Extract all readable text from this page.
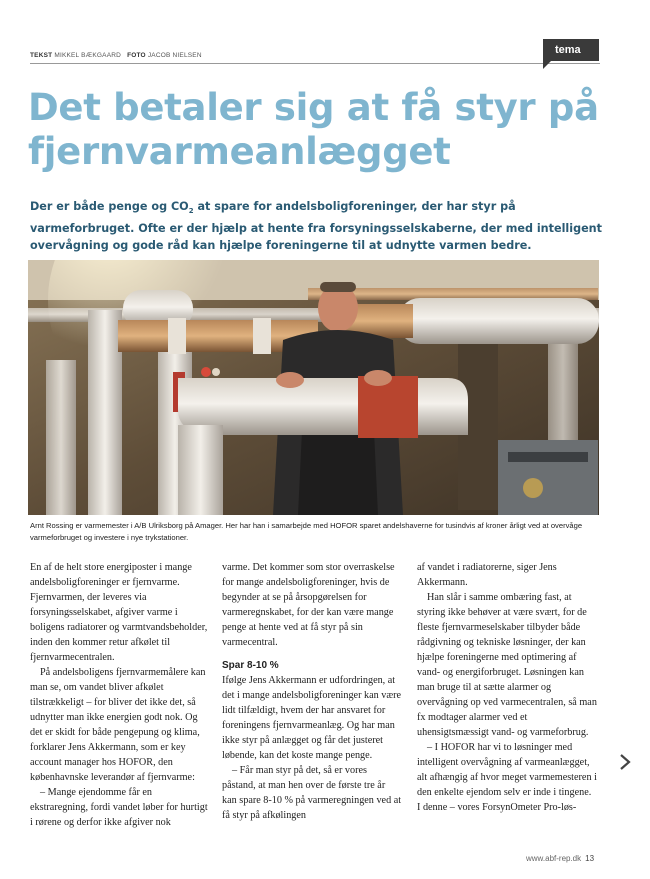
TEKST MIKKEL BÆKGAARD FOTO JACOB NIELSEN	tema
Det betaler sig at få styr på fjernvarmeanlægget
Der er både penge og $CO_2$ at spare for andelsboligforeninger, der har styr på varmeforbruget. Ofte er der hjælp at hente fra forsyningsselskaberne, der med intelligent overvågning og gode råd kan hjælpe foreningerne til at udnytte varmen bedre.
Arnt Rossing er varmemester i A/B Ulriksborg på Amager. Her har han i samarbejde med HOFOR sparet andelshaverne for tusindvis af kroner årligt ved at overvåge varmeforbruget og investere i nye trykstationer.

En af de helt store energiposter i mange andelsboligforeninger er fjernvarme. Fjernvarmen, der leveres via forsyningsselskabet, afgiver varme i boligens radiatorer og varmtvandsbeholder, inden den kommer retur afkølet til fjernvarmecentralen.

På andelsboligens fjernvarmemålere kan man se, om vandet bliver afkølet tilstrækkeligt – for bliver det ikke det, så udnytter man ikke energien godt nok. Og det er skidt for både pengepung og klima, forklarer Jens Akkermann, som er key account manager hos HOFOR, den københavnske leverandør af fjernvarme:

– Mange ejendomme får en ekstraregning, fordi vandet løber for hurtigt i rørene og derfor ikke afgiver nok

varme. Det kommer som stor overraskelse for mange andelsboligforeninger, hvis de begynder at se på årsopgørelsen for varmeregnskabet, for der kan være mange penge at hente ved at få styr på sin varmecentral.

Spar 8-10 %

Ifølge Jens Akkermann er udfordringen, at det i mange andelsboligforeninger kan være lidt tilfældigt, hvem der har ansvaret for foreningens fjernvarmeanlæg. Og har man ikke styr på anlægget og får det justeret løbende, kan det koste mange penge.

– Får man styr på det, så er vores påstand, at man hen over de første tre år kan spare 8-10 % på varmeregningen ved at få styr på afkølingen

af vandet i radiatorerne, siger Jens Akkermann.

Han slår i samme ombæring fast, at styring ikke behøver at være svært, for de fleste fjernvarmeselskaber tilbyder både rådgivning og tekniske løsninger, der kan hjælpe foreningerne med optimering af vand- og energiforbruget. Løsningen kan man bruge til at sætte alarmer og overvågning op ved varmecentralen, så man fx modtager alarmer ved et uhensigtsmæssigt vand- og varmeforbrug.

– I HOFOR har vi to løsninger med intelligent overvågning af varmeanlægget, alt afhængig af hvor meget varmemesteren i den enkelte ejendom selv er inde i tingene. I denne – vores ForsynOmeter Pro-løs-

www.abf-rep.dk 13
